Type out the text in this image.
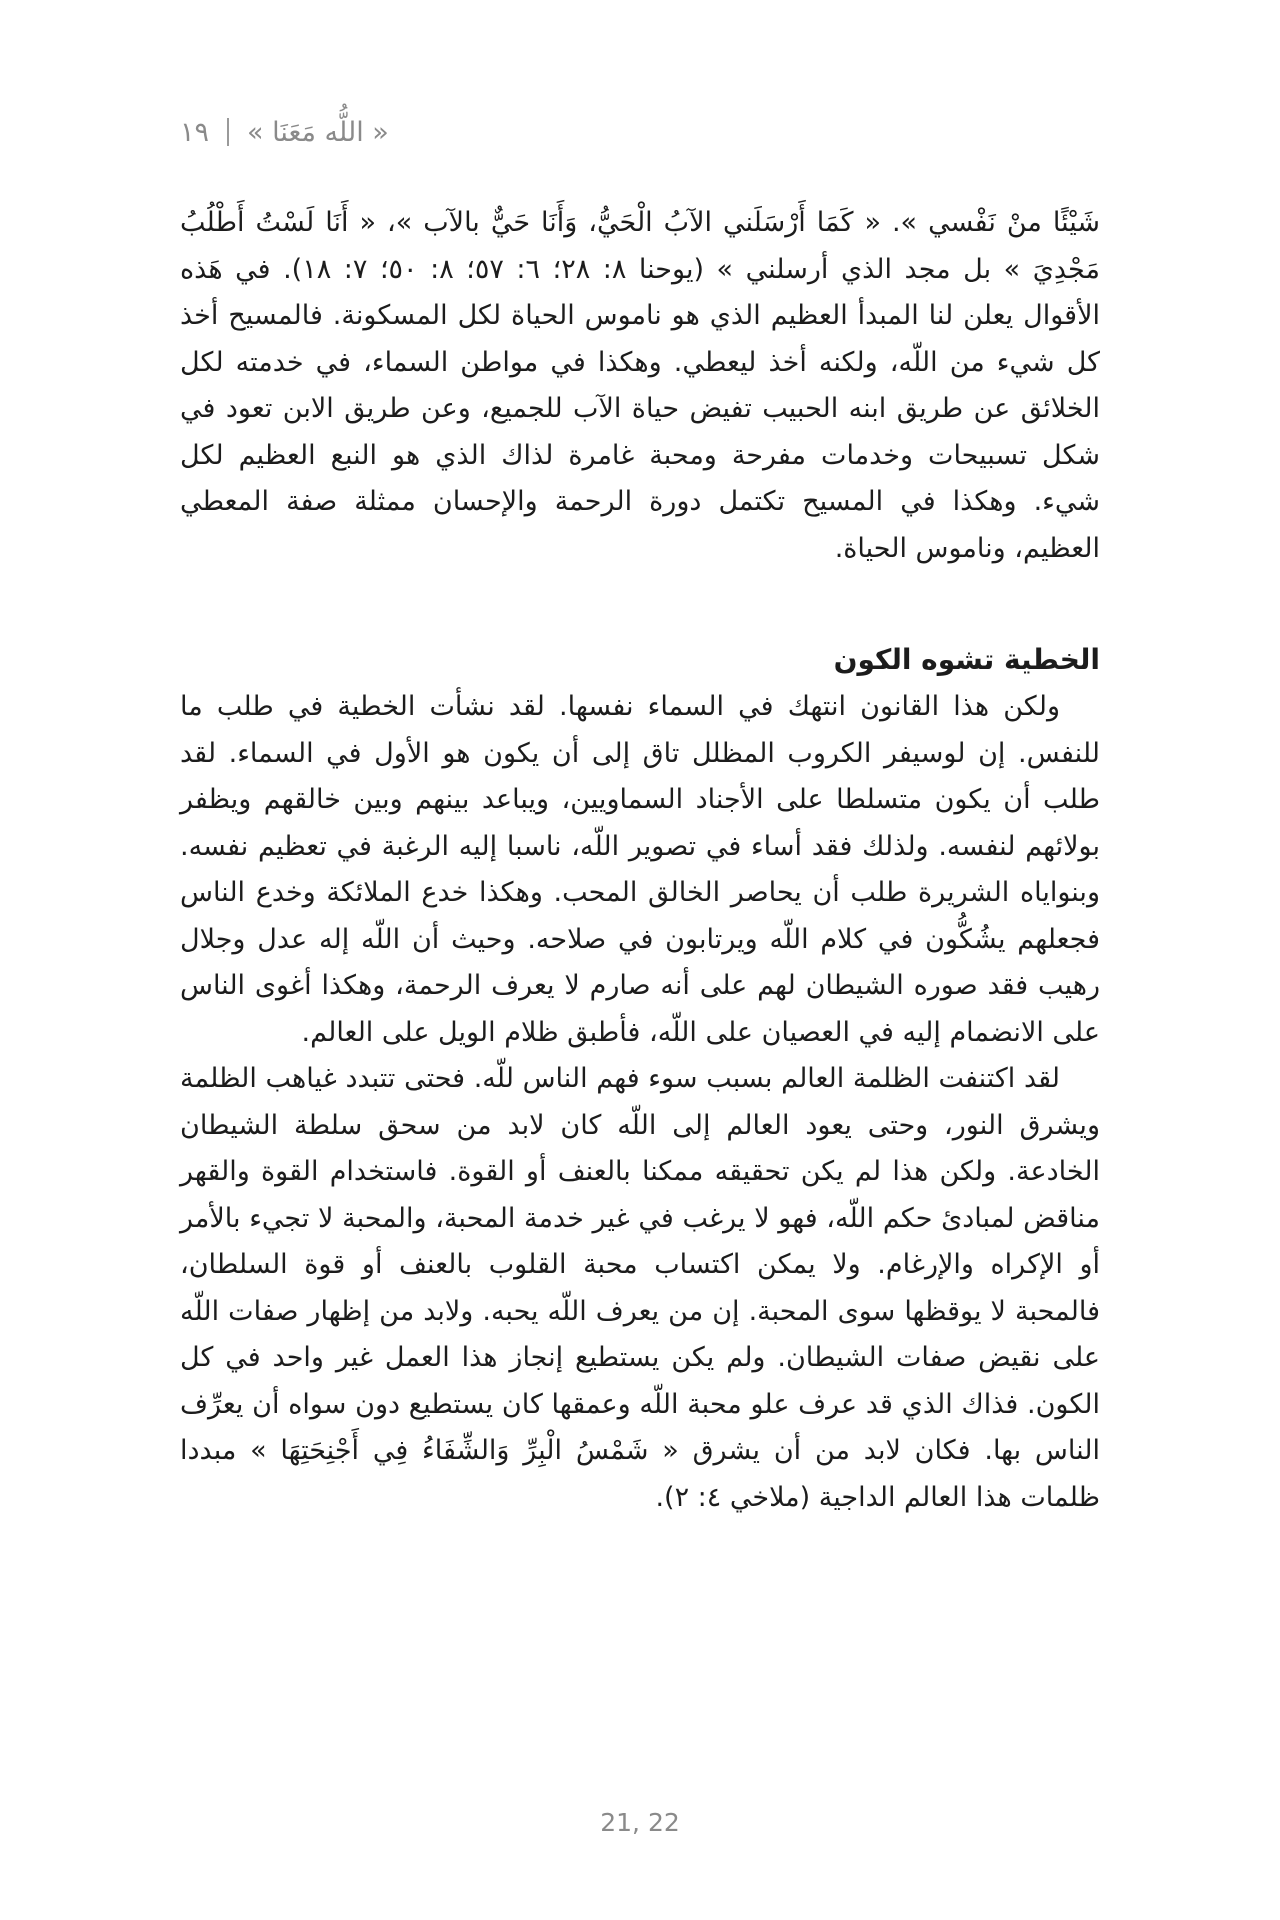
١٩ « اللُّه مَعَنَا »

شَيْئًا منْ نَفْسي ». « كَمَا أَرْسَلَني الآبُ الْحَيُّ، وَأَنَا حَيٌّ بالآب »، « أَنَا لَسْتُ أَطْلُبُ مَجْدِيَ » بل مجد الذي أرسلني » (يوحنا ٨: ٢٨؛ ٦: ٥٧؛ ٨: ٥٠؛ ٧: ١٨). في هَذه الأقوال يعلن لنا المبدأ العظيم الذي هو ناموس الحياة لكل المسكونة. فالمسيح أخذ كل شيء من اللّه، ولكنه أخذ ليعطي. وهكذا في مواطن السماء، في خدمته لكل الخلائق عن طريق ابنه الحبيب تفيض حياة الآب للجميع، وعن طريق الابن تعود في شكل تسبيحات وخدمات مفرحة ومحبة غامرة لذاك الذي هو النبع العظيم لكل شيء. وهكذا في المسيح تكتمل دورة الرحمة والإحسان ممثلة صفة المعطي العظيم، وناموس الحياة.

الخطية تشوه الكون

ولكن هذا القانون انتهك في السماء نفسها. لقد نشأت الخطية في طلب ما للنفس. إن لوسيفر الكروب المظلل تاق إلى أن يكون هو الأول في السماء. لقد طلب أن يكون متسلطا على الأجناد السماويين، ويباعد بينهم وبين خالقهم ويظفر بولائهم لنفسه. ولذلك فقد أساء في تصوير اللّه، ناسبا إليه الرغبة في تعظيم نفسه. وبنواياه الشريرة طلب أن يحاصر الخالق المحب. وهكذا خدع الملائكة وخدع الناس فجعلهم يشُكُّون في كلام اللّه ويرتابون في صلاحه. وحيث أن اللّه إله عدل وجلال رهيب فقد صوره الشيطان لهم على أنه صارم لا يعرف الرحمة، وهكذا أغوى الناس على الانضمام إليه في العصيان على اللّه، فأطبق ظلام الويل على العالم.

لقد اكتنفت الظلمة العالم بسبب سوء فهم الناس للّه. فحتى تتبدد غياهب الظلمة ويشرق النور، وحتى يعود العالم إلى اللّه كان لابد من سحق سلطة الشيطان الخادعة. ولكن هذا لم يكن تحقيقه ممكنا بالعنف أو القوة. فاستخدام القوة والقهر مناقض لمبادئ حكم اللّه، فهو لا يرغب في غير خدمة المحبة، والمحبة لا تجيء بالأمر أو الإكراه والإرغام. ولا يمكن اكتساب محبة القلوب بالعنف أو قوة السلطان، فالمحبة لا يوقظها سوى المحبة. إن من يعرف اللّه يحبه. ولابد من إظهار صفات اللّه على نقيض صفات الشيطان. ولم يكن يستطيع إنجاز هذا العمل غير واحد في كل الكون. فذاك الذي قد عرف علو محبة اللّه وعمقها كان يستطيع دون سواه أن يعرِّف الناس بها. فكان لابد من أن يشرق « شَمْسُ الْبِرِّ وَالشِّفَاءُ فِي أَجْنِحَتِهَا » مبددا ظلمات هذا العالم الداجية (ملاخي ٤: ٢).

21, 22
